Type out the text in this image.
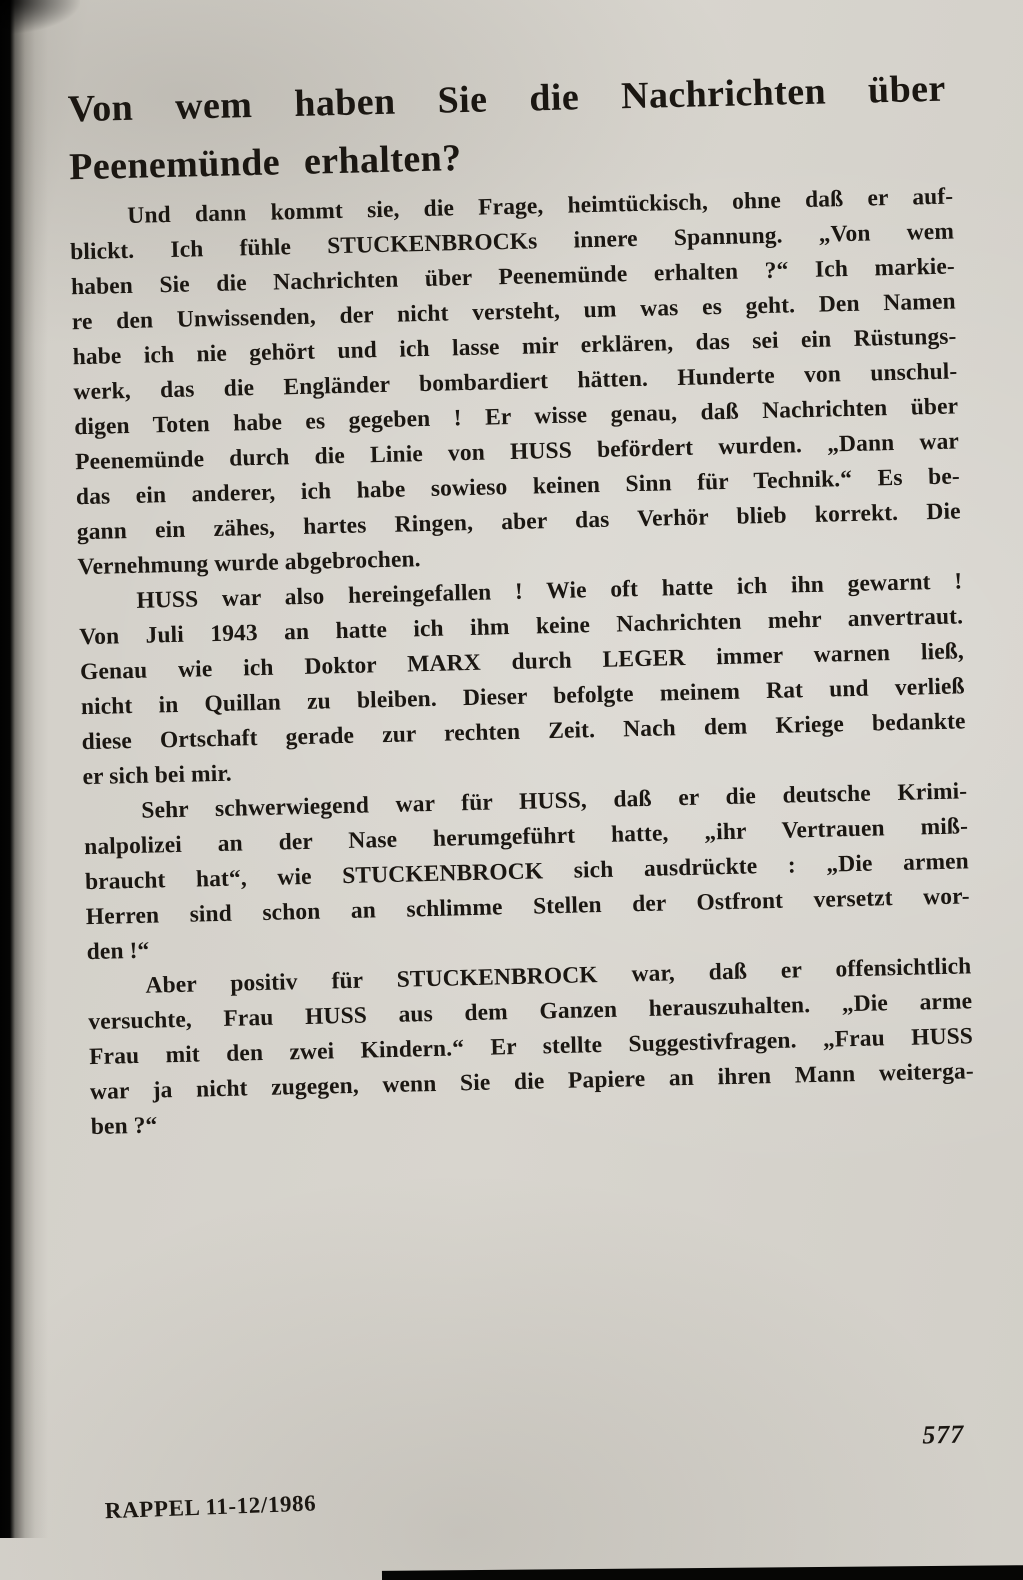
Von wem haben Sie die Nachrichten über
Peenemünde erhalten?
Und dann kommt sie, die Frage, heimtückisch, ohne daß er auf-
blickt. Ich fühle STUCKENBROCKs innere Spannung. „Von wem
haben Sie die Nachrichten über Peenemünde erhalten ?“ Ich markie-
re den Unwissenden, der nicht versteht, um was es geht. Den Namen
habe ich nie gehört und ich lasse mir erklären, das sei ein Rüstungs-
werk, das die Engländer bombardiert hätten. Hunderte von unschul-
digen Toten habe es gegeben ! Er wisse genau, daß Nachrichten über
Peenemünde durch die Linie von HUSS befördert wurden. „Dann war
das ein anderer, ich habe sowieso keinen Sinn für Technik.“ Es be-
gann ein zähes, hartes Ringen, aber das Verhör blieb korrekt. Die
Vernehmung wurde abgebrochen.
HUSS war also hereingefallen ! Wie oft hatte ich ihn gewarnt !
Von Juli 1943 an hatte ich ihm keine Nachrichten mehr anvertraut.
Genau wie ich Doktor MARX durch LEGER immer warnen ließ,
nicht in Quillan zu bleiben. Dieser befolgte meinem Rat und verließ
diese Ortschaft gerade zur rechten Zeit. Nach dem Kriege bedankte
er sich bei mir.
Sehr schwerwiegend war für HUSS, daß er die deutsche Krimi-
nalpolizei an der Nase herumgeführt hatte, „ihr Vertrauen miß-
braucht hat“, wie STUCKENBROCK sich ausdrückte : „Die armen
Herren sind schon an schlimme Stellen der Ostfront versetzt wor-
den !“
Aber positiv für STUCKENBROCK war, daß er offensichtlich
versuchte, Frau HUSS aus dem Ganzen herauszuhalten. „Die arme
Frau mit den zwei Kindern.“ Er stellte Suggestivfragen. „Frau HUSS
war ja nicht zugegen, wenn Sie die Papiere an ihren Mann weiterga-
ben ?“
577
RAPPEL 11-12/1986
